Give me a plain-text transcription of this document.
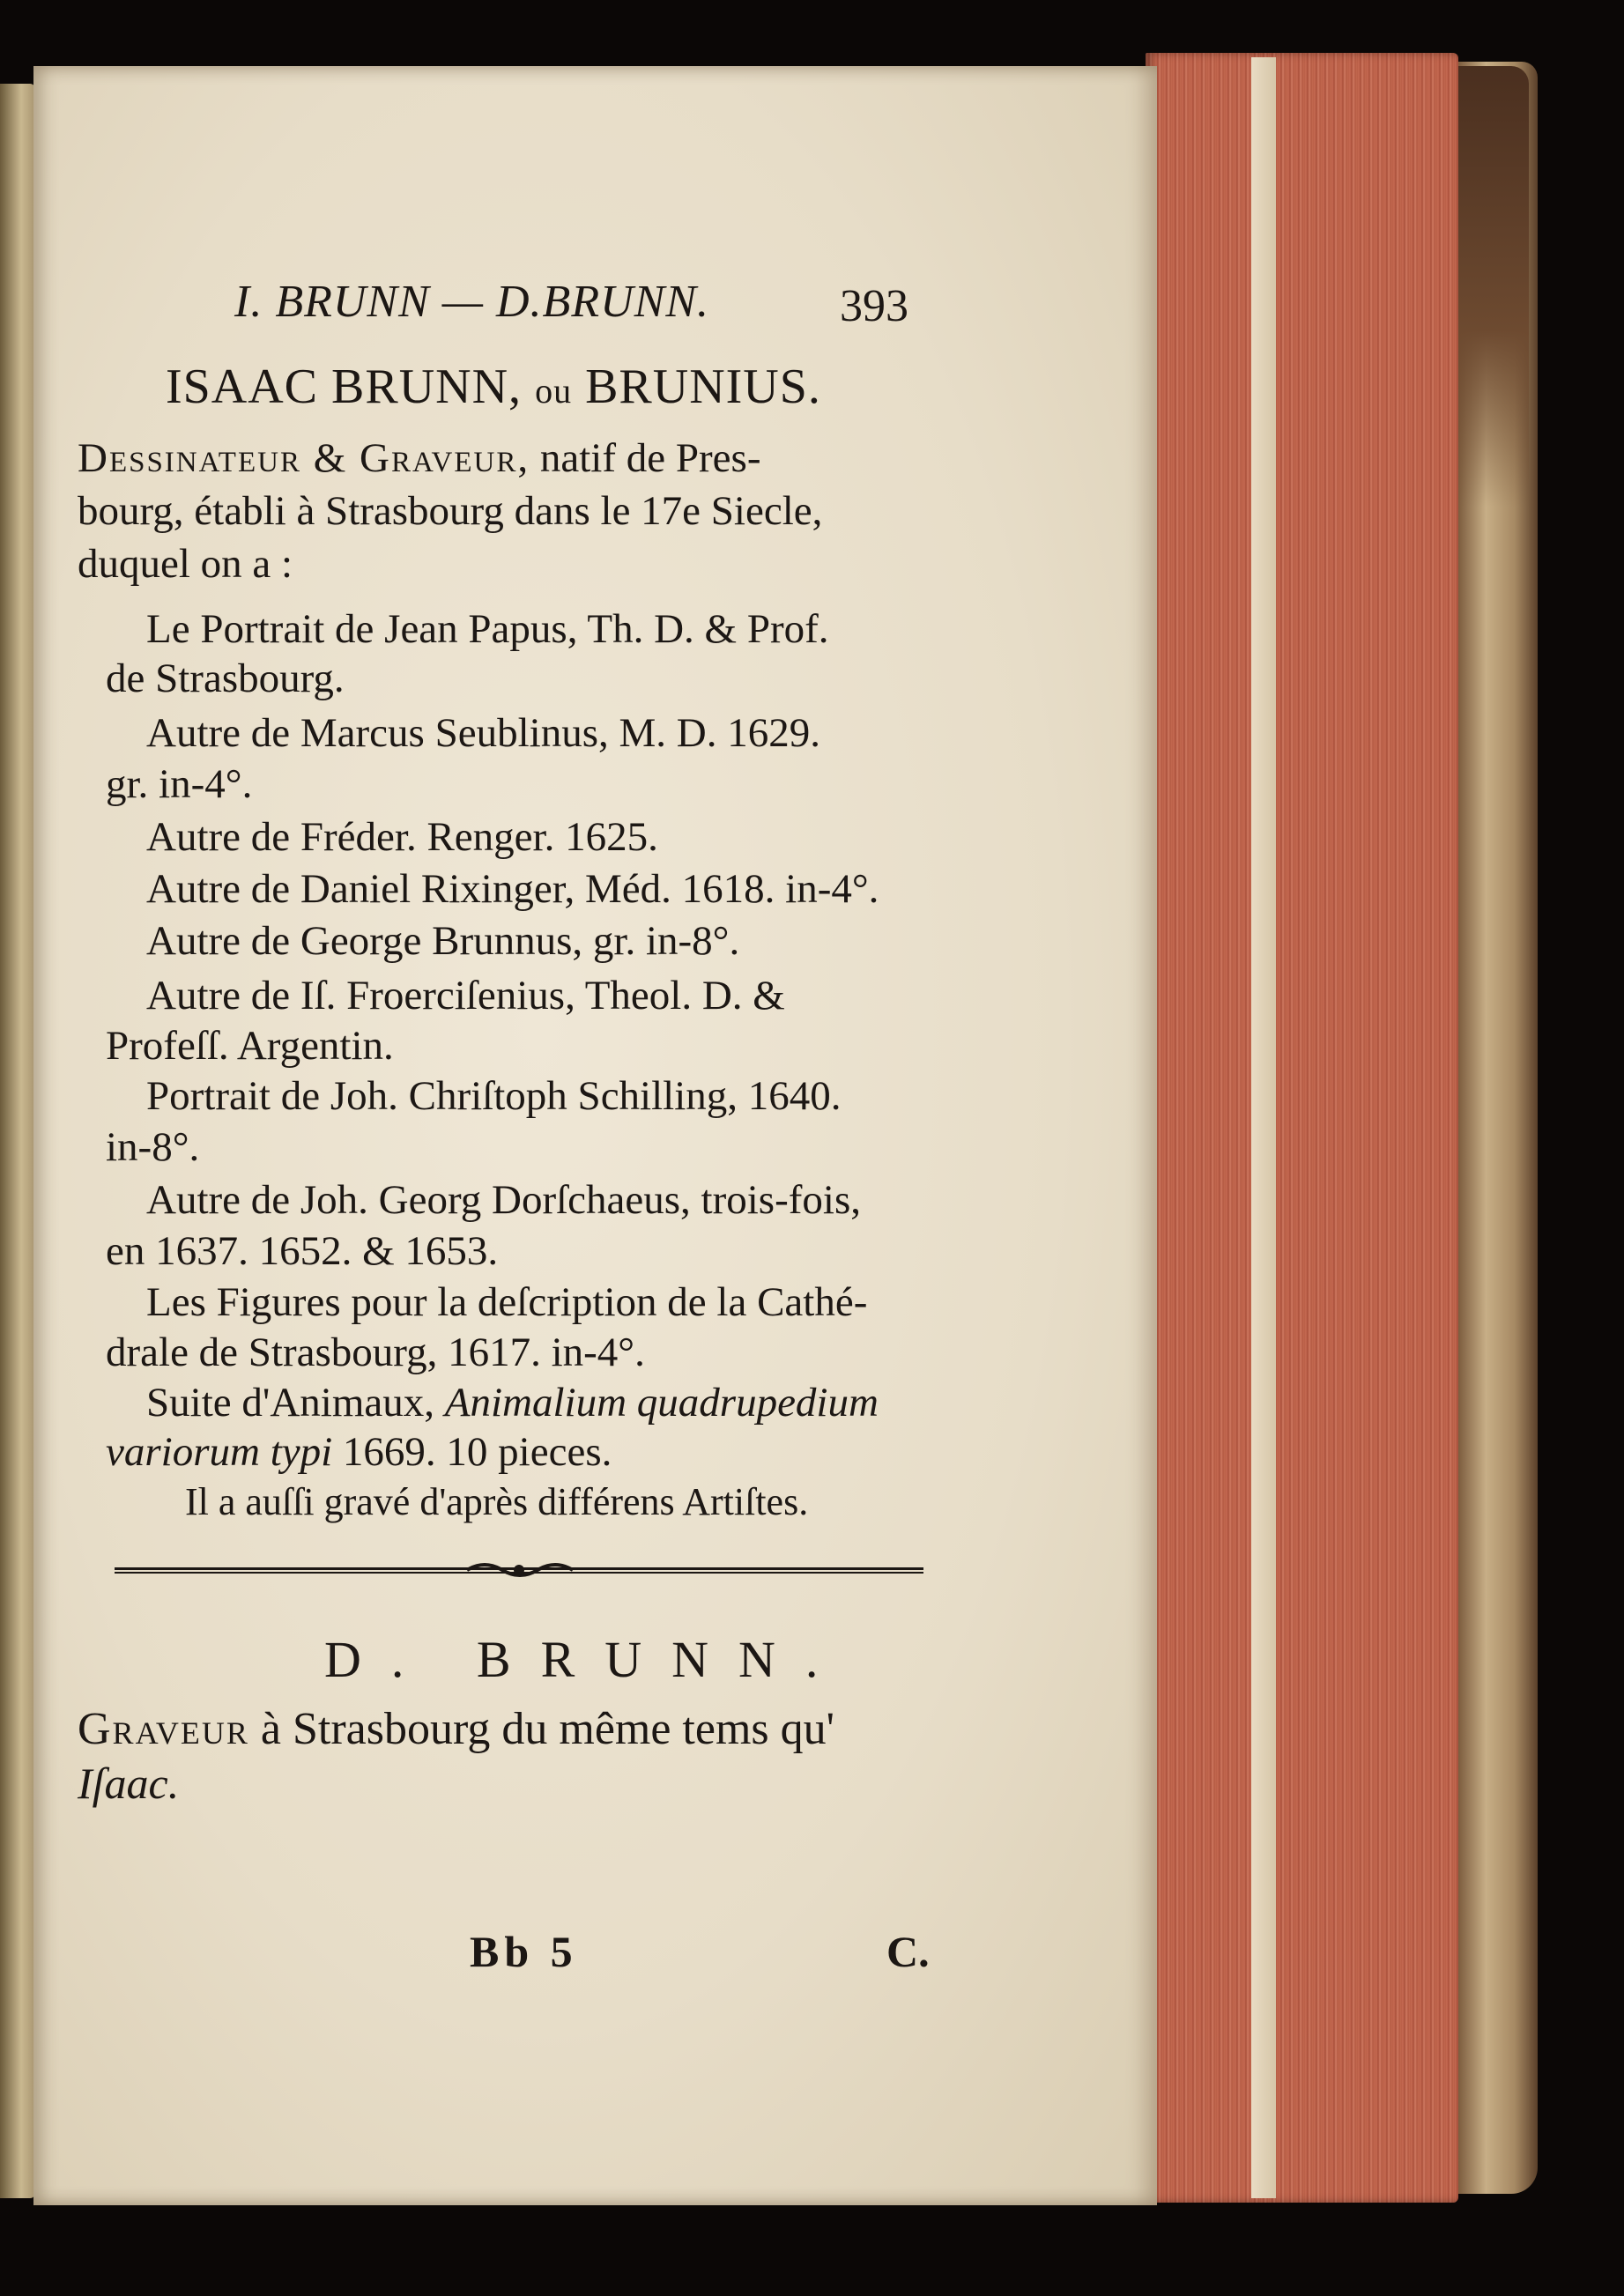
I. BRUNN — D.BRUNN.	393
ISAAC BRUNN, ou BRUNIUS.
Dessinateur & Graveur, natif de Pres-
bourg, établi à Strasbourg dans le 17e Siecle,
duquel on a :
Le Portrait de Jean Papus, Th. D. & Prof.
de Strasbourg.
Autre de Marcus Seublinus, M. D. 1629.
gr. in-4°.
Autre de Fréder. Renger. 1625.
Autre de Daniel Rixinger, Méd. 1618. in-4°.
Autre de George Brunnus, gr. in-8°.
Autre de Iſ. Froerciſenius, Theol. D. &
Profeſſ. Argentin.
Portrait de Joh. Chriſtoph Schilling, 1640.
in-8°.
Autre de Joh. Georg Dorſchaeus, trois-fois,
en 1637. 1652. & 1653.
Les Figures pour la deſcription de la Cathé-
drale de Strasbourg, 1617. in-4°.
Suite d'Animaux, Animalium quadrupedium
variorum typi 1669. 10 pieces.
Il a auſſi gravé d'après différens Artiſtes.
D. BRUNN.
Graveur à Strasbourg du même tems qu'
Iſaac.
Bb 5	C.
